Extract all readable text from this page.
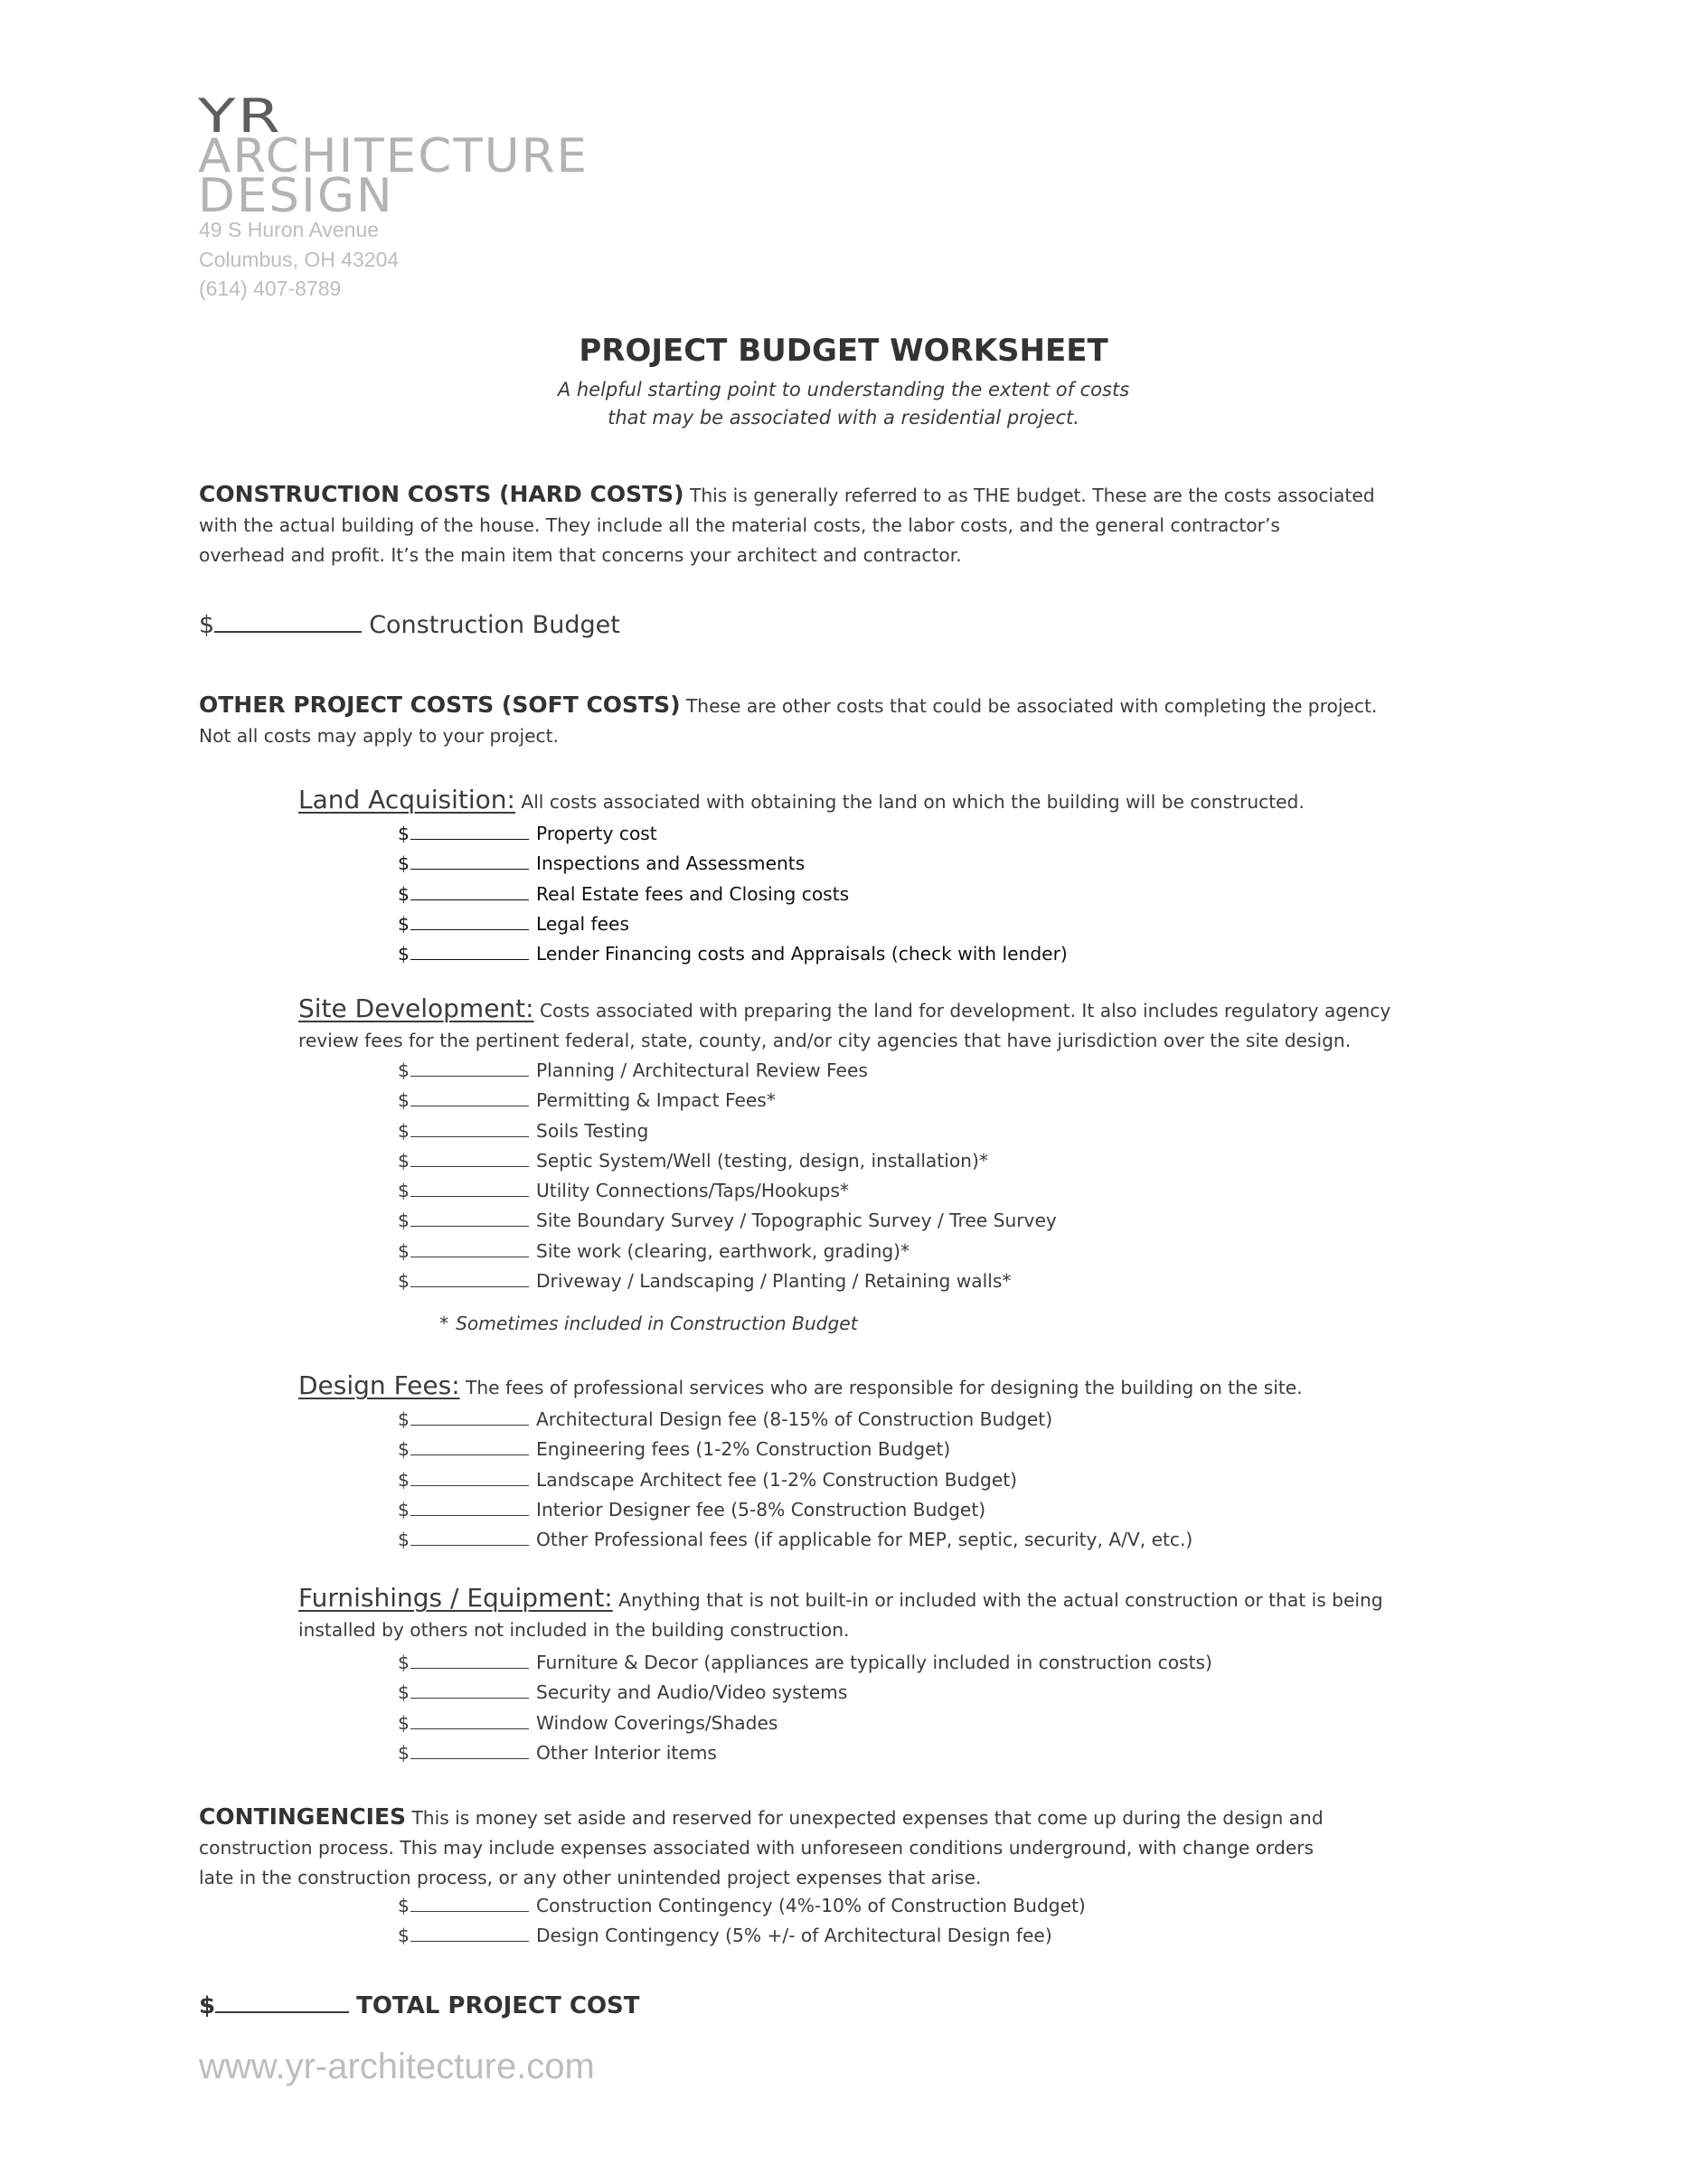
YR
ARCHITECTURE
DESIGN
49 S Huron Avenue
Columbus, OH 43204
(614) 407-8789
PROJECT BUDGET WORKSHEET
A helpful starting point to understanding the extent of costs
that may be associated with a residential project.
CONSTRUCTION COSTS (HARD COSTS) This is generally referred to as THE budget. These are the costs associated
with the actual building of the house. They include all the material costs, the labor costs, and the general contractor’s
overhead and profit. It’s the main item that concerns your architect and contractor.
$	Construction Budget
OTHER PROJECT COSTS (SOFT COSTS) These are other costs that could be associated with completing the project.
Not all costs may apply to your project.
Land Acquisition: All costs associated with obtaining the land on which the building will be constructed.
$	Property cost
$	Inspections and Assessments
$	Real Estate fees and Closing costs
$	Legal fees
$	Lender Financing costs and Appraisals (check with lender)
Site Development: Costs associated with preparing the land for development. It also includes regulatory agency
review fees for the pertinent federal, state, county, and/or city agencies that have jurisdiction over the site design.
$	Planning / Architectural Review Fees
$	Permitting & Impact Fees*
$	Soils Testing
$	Septic System/Well (testing, design, installation)*
$	Utility Connections/Taps/Hookups*
$	Site Boundary Survey / Topographic Survey / Tree Survey
$	Site work (clearing, earthwork, grading)*
$	Driveway / Landscaping / Planting / Retaining walls*
* Sometimes included in Construction Budget
Design Fees: The fees of professional services who are responsible for designing the building on the site.
$	Architectural Design fee (8-15% of Construction Budget)
$	Engineering fees (1-2% Construction Budget)
$	Landscape Architect fee (1-2% Construction Budget)
$	Interior Designer fee (5-8% Construction Budget)
$	Other Professional fees (if applicable for MEP, septic, security, A/V, etc.)
Furnishings / Equipment: Anything that is not built-in or included with the actual construction or that is being
installed by others not included in the building construction.
$	Furniture & Decor (appliances are typically included in construction costs)
$	Security and Audio/Video systems
$	Window Coverings/Shades
$	Other Interior items
CONTINGENCIES This is money set aside and reserved for unexpected expenses that come up during the design and
construction process. This may include expenses associated with unforeseen conditions underground, with change orders
late in the construction process, or any other unintended project expenses that arise.
$	Construction Contingency (4%-10% of Construction Budget)
$	Design Contingency (5% +/- of Architectural Design fee)
$	TOTAL PROJECT COST
www.yr-architecture.com
